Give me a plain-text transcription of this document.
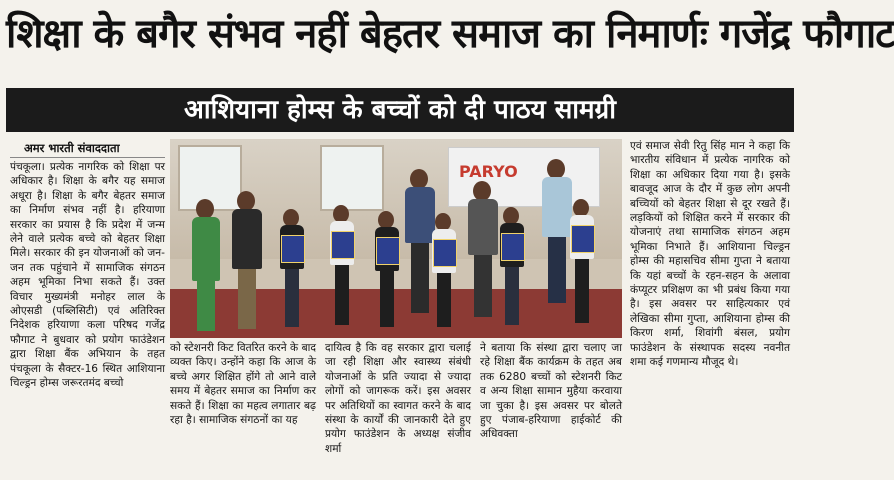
शिक्षा के बगैर संभव नहीं बेहतर समाज का निमार्णः गजेंद्र फौगाट
आशियाना होम्स के बच्चों को दी पाठय सामग्री
अमर भारती संवाददाता

पंचकूला। प्रत्येक नागरिक को शिक्षा पर अधिकार है। शिक्षा के बगैर यह समाज अधूरा है। शिक्षा के बगैर बेहतर समाज का निर्माण संभव नहीं है। हरियाणा सरकार का प्रयास है कि प्रदेश में जन्म लेने वाले प्रत्येक बच्चे को बेहतर शिक्षा मिले। सरकार की इन योजनाओं को जन-जन तक पहुंचाने में सामाजिक संगठन अहम भूमिका निभा सकते हैं। उक्त विचार मुख्यमंत्री मनोहर लाल के ओएसडी (पब्लिसिटी) एवं अतिरिक्त निदेशक हरियाणा कला परिषद गजेंद्र फौगाट ने बुधवार को प्रयोग फाउंडेशन द्वारा शिक्षा बैंक अभियान के तहत पंचकूला के सैक्टर-16 स्थित आशियाना चिल्ड्रन होम्स जरूरतमंद बच्चो

PARYO

को स्टेशनरी किट वितरित करने के बाद व्यक्त किए। उन्होंने कहा कि आज के बच्चे अगर शिक्षित होंगे तो आने वाले समय में बेहतर समाज का निर्माण कर सकते हैं। शिक्षा का महत्व लगातार बढ़ रहा है। सामाजिक संगठनों का यह

दायित्व है कि वह सरकार द्वारा चलाई जा रही शिक्षा और स्वास्थ्य संबंधी योजनाओं के प्रति ज्यादा से ज्यादा लोगों को जागरूक करें। इस अवसर पर अतिथियों का स्वागत करने के बाद संस्था के कार्यों की जानकारी देते हुए प्रयोग फाउंडेशन के अध्यक्ष संजीव शर्मा

ने बताया कि संस्था द्वारा चलाए जा रहे शिक्षा बैंक कार्यक्रम के तहत अब तक 6280 बच्चों को स्टेशनरी किट व अन्य शिक्षा सामान मुहैया करवाया जा चुका है। इस अवसर पर बोलते हुए पंजाब-हरियाणा हाईकोर्ट की अधिवक्ता

एवं समाज सेवी रितु सिंह मान ने कहा कि भारतीय संविधान में प्रत्येक नागरिक को शिक्षा का अधिकार दिया गया है। इसके बावजूद आज के दौर में कुछ लोग अपनी बच्चियों को बेहतर शिक्षा से दूर रखते हैं। लड़कियों को शिक्षित करने में सरकार की योजनाएं तथा सामाजिक संगठन अहम भूमिका निभाते हैं। आशियाना चिल्ड्रन होम्स की महासचिव सीमा गुप्ता ने बताया कि यहां बच्चों के रहन-सहन के अलावा कंप्यूटर प्रशिक्षण का भी प्रबंध किया गया है। इस अवसर पर साहित्यकार एवं लेखिका सीमा गुप्ता, आशियाना होम्स की किरण शर्मा, शिवांगी बंसल, प्रयोग फाउंडेशन के संस्थापक सदस्य नवनीत शमा कई गणमान्य मौजूद थे।
